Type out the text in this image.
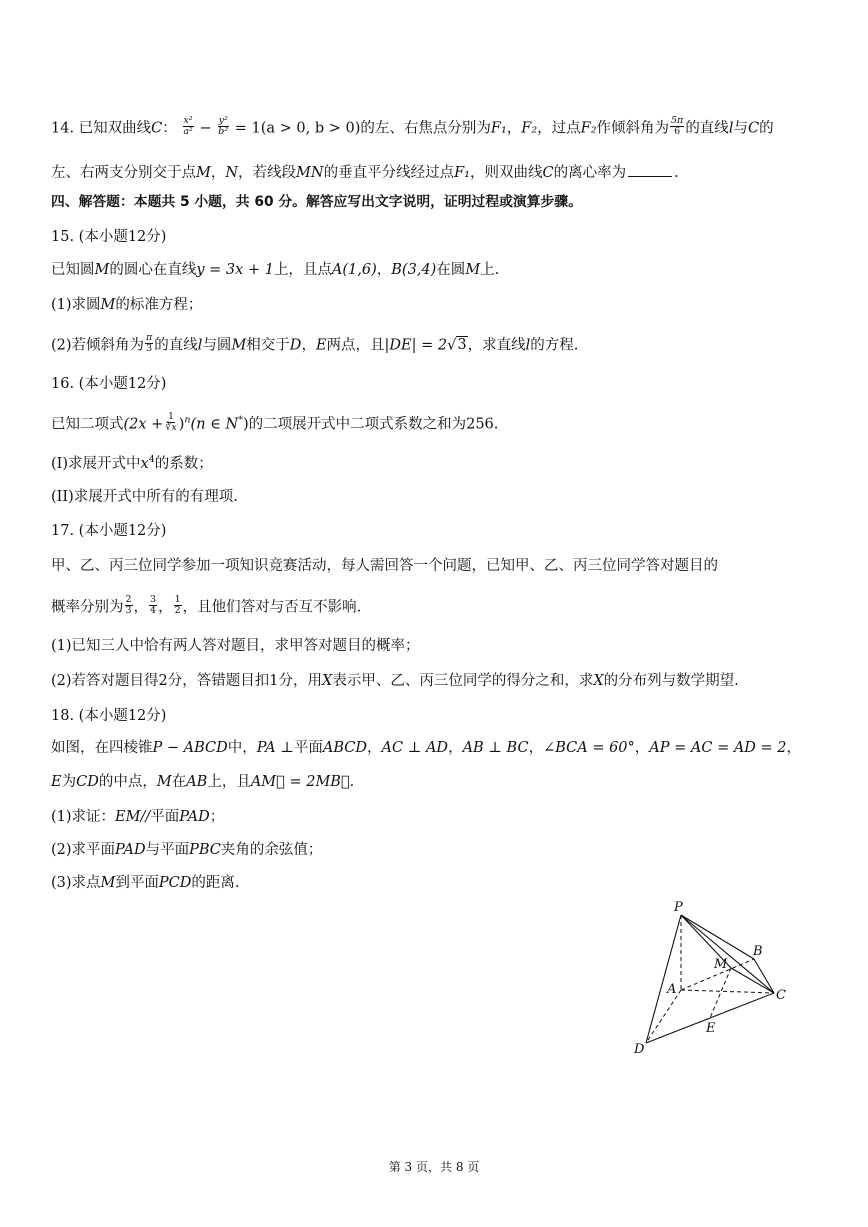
14. 已知双曲线C： $\frac{\text{x²}}{\text{a²}} - \frac{\text{y²}}{\text{b²}} = 1(a > 0$, b > 0)的左、右焦点分别为F₁，F₂，过点F₂作倾斜角为 $\frac{5\pi}{6}$ 的直线l与C的
左、右两支分别交于点M，N，若线段MN的垂直平分线经过点F₁，则双曲线C的离心率为	.
四、解答题：本题共 5 小题，共 60 分。解答应写出文字说明，证明过程或演算步骤。
15. (本小题12分)
已知圆M的圆心在直线y = 3x + 1上，且点A(1,6)，B(3,4)在圆M上.
(1)求圆M的标准方程；
(2)若倾斜角为 $\frac{\pi}{3}$ 的直线l与圆M相交于D，E两点，且|DE| = 2√3，求直线l的方程.
16. (本小题12分)
已知二项式$(2x + \frac{1}{∛x} )^n(n$ ∈ N*)的二项展开式中二项式系数之和为256.
(I)求展开式中$x^4$的系数；
(II)求展开式中所有的有理项.
17. (本小题12分)
甲、乙、丙三位同学参加一项知识竞赛活动，每人需回答一个问题，已知甲、乙、丙三位同学答对题目的
概率分别为 $\frac{2}{3}$ ， $\frac{3}{4}$ ， $\frac{1}{2}$ ，且他们答对与否互不影响.
(1)已知三人中恰有两人答对题目，求甲答对题目的概率；
(2)若答对题目得2分，答错题目扣1分，用X表示甲、乙、丙三位同学的得分之和，求X的分布列与数学期望.
18. (本小题12分)
如图，在四棱锥P − ABCD中，PA ⊥平面ABCD，AC ⊥ AD，AB ⊥ BC，∠BCA = 60°，AP = AC = AD = 2，
E为CD的中点，M在AB上，且AM⃗ = 2MB⃗.
(1)求证：EM//平面PAD；
(2)求平面PAD与平面PBC夹角的余弦值；
(3)求点M到平面PCD的距离.
P
B
M
A	C
E
D
第 3 页，共 8 页
